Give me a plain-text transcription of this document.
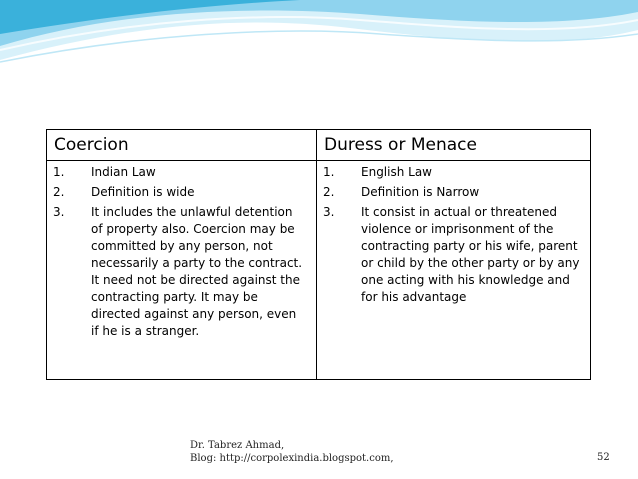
Coercion	Duress or Menace
1. Indian Law
2. Definition is wide
3. It includes the unlawful detention of property also. Coercion may be committed by any person, not necessarily a party to the contract. It need not be directed against the contracting party. It may be directed against any person, even if he is a stranger.
1. English Law
2. Definition is Narrow
3. It consist in actual or threatened violence or imprisonment of the contracting party or his wife, parent or child by the other party or by any one acting with his knowledge and for his advantage
Dr. Tabrez Ahmad,
Blog: http://corpolexindia.blogspot.com,	52
